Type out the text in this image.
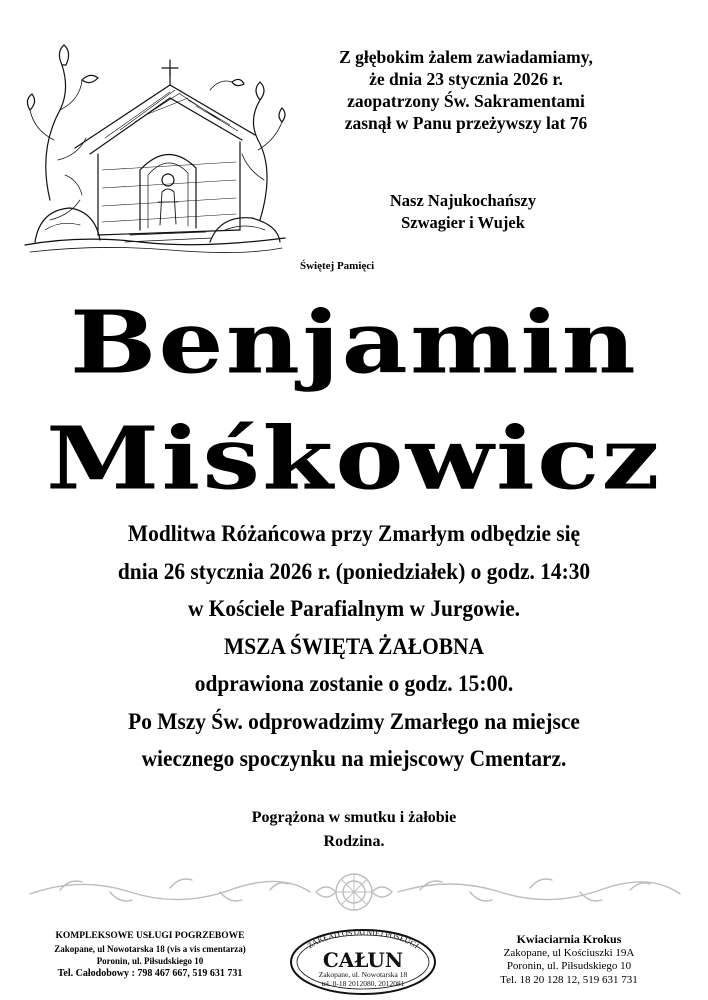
Z głębokim żalem zawiadamiamy,
że dnia 23 stycznia 2026 r.
zaopatrzony Św. Sakramentami
zasnął w Panu przeżywszy lat 76
Nasz Najukochańszy
Szwagier i Wujek
Świętej Pamięci
Benjamin
Miśkowicz
Modlitwa Różańcowa przy Zmarłym odbędzie się
dnia 26 stycznia 2026 r. (poniedziałek) o godz. 14:30
w Kościele Parafialnym w Jurgowie.
MSZA ŚWIĘTA ŻAŁOBNA
odprawiona zostanie o godz. 15:00.
Po Mszy Św. odprowadzimy Zmarłego na miejsce
wiecznego spoczynku na miejscowy Cmentarz.
Pogrążona w smutku i żałobie
Rodzina.
KOMPLEKSOWE USŁUGI POGRZEBOWE
Zakopane, ul Nowotarska 18 (vis a vis cmentarza)
Poronin, ul. Piłsudskiego 10
Tel. Całodobowy : 798 467 667, 519 631 731
ZAKŁAD OSTATNIEJ POSŁUGI
CAŁUN
Zakopane, ul. Nowotarska 18
tel. 0-18 2012080, 2012081
Kwiaciarnia Krokus
Zakopane, ul Kościuszki 19A
Poronin, ul. Piłsudskiego 10
Tel. 18 20 128 12, 519 631 731
